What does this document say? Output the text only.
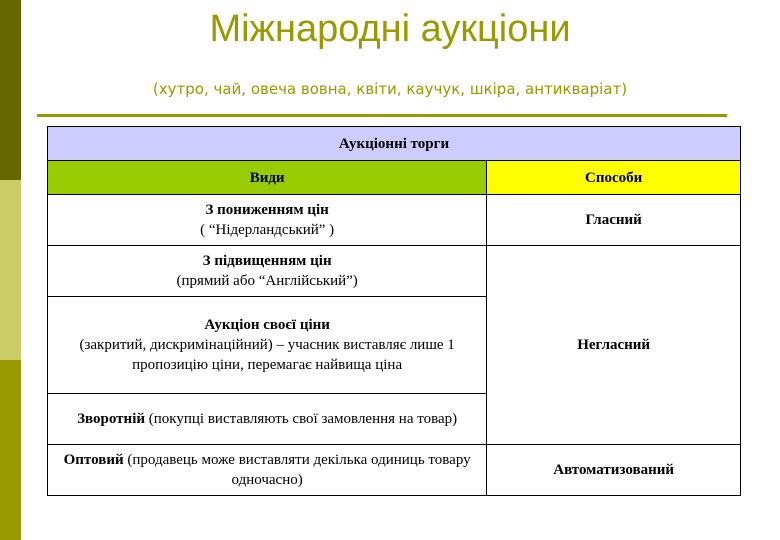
Міжнародні аукціони
(хутро, чай, овеча вовна, квіти, каучук, шкіра, антикваріат)
Аукціонні торги	
Види	Способи
З пониженням цін
( “Нідерландський” )	Гласний
З підвищенням цін
(прямий або “Англійський”)	Негласний
Аукціон своєї ціни
(закритий, дискримінаційний) – учасник виставляє лише 1 пропозицію ціни, перемагає найвища ціна	
Зворотній (покупці виставляють свої замовлення на товар)	
Оптовий (продавець може виставляти декілька одиниць товару одночасно)	Автоматизований
